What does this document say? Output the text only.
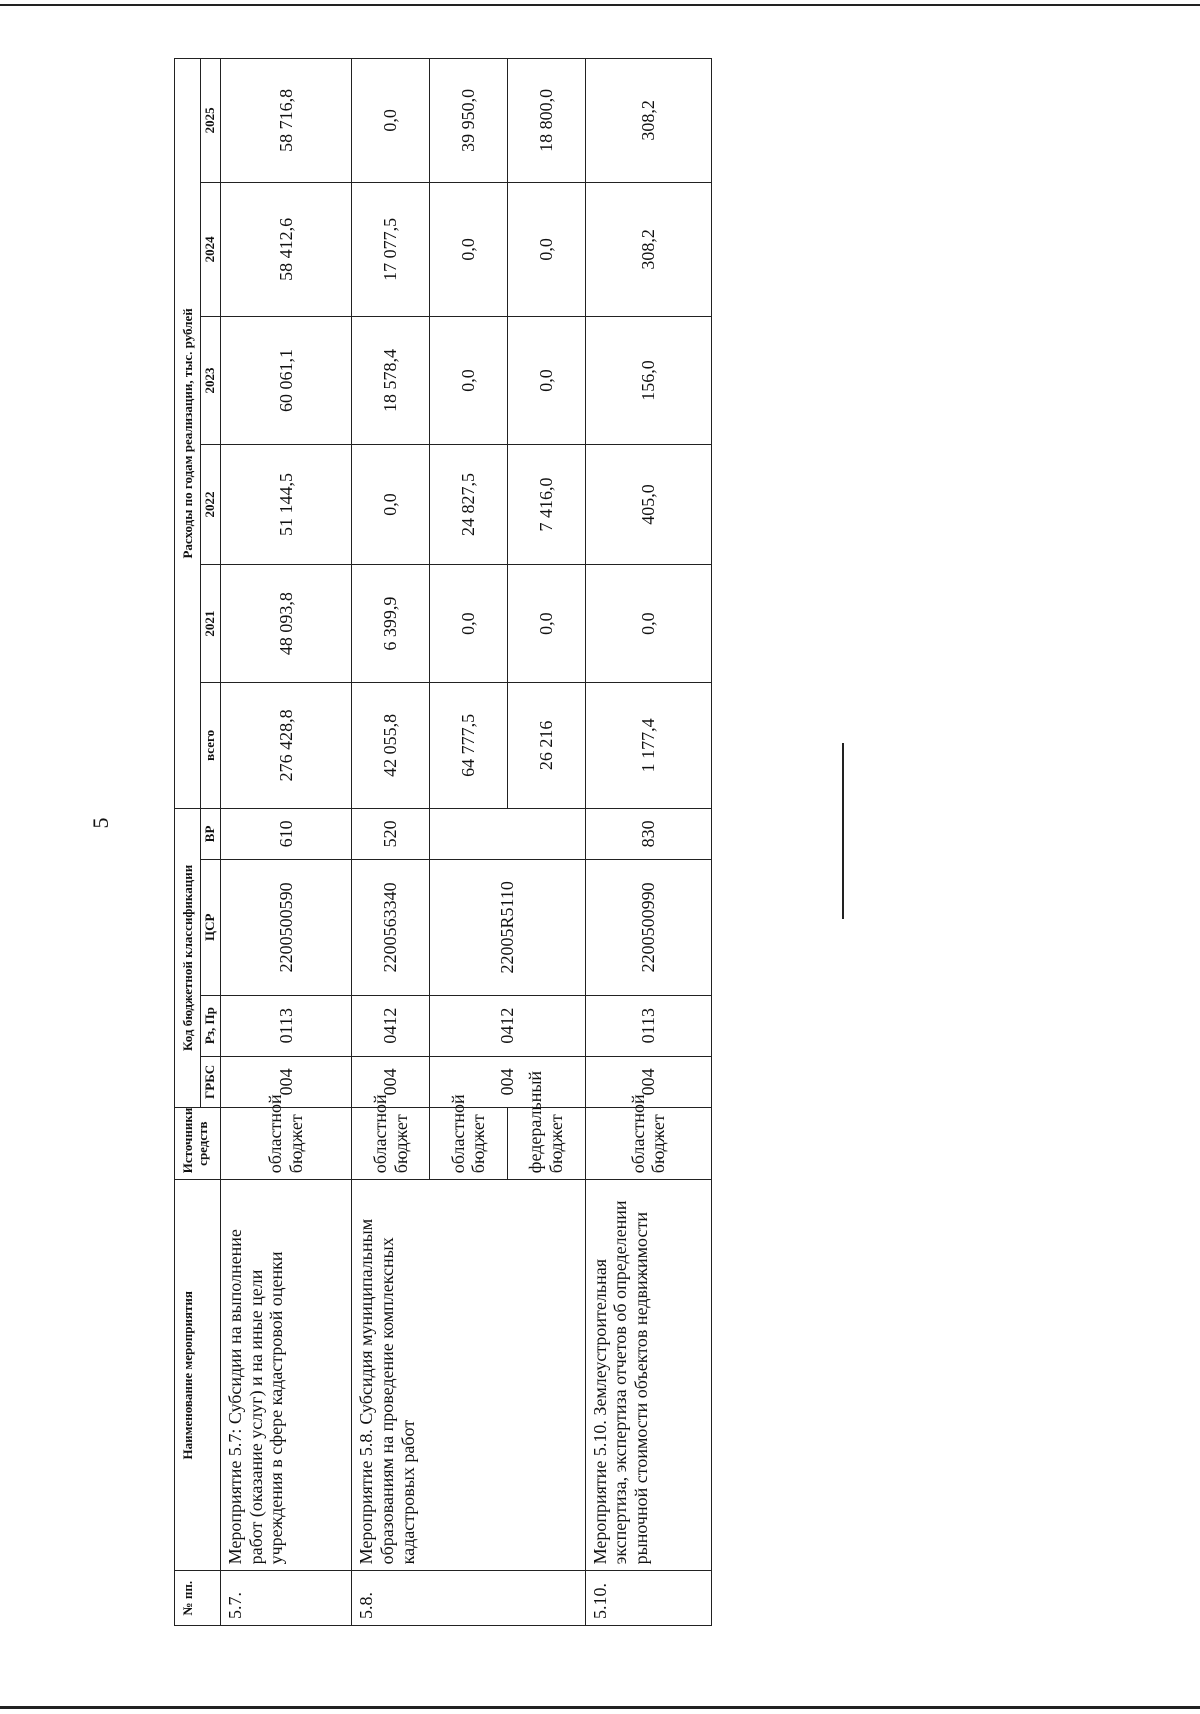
5
№ пп.	Наименование мероприятия	Источники средств	Код бюджетной классификации				Расходы по годам реализации, тыс. рублей					
			ГРБС	Рз, Пр	ЦСР	ВР	всего	2021	2022	2023	2024	2025
5.7.	Мероприятие 5.7: Субсидии на выполнение работ (оказание услуг) и на иные цели учреждения в сфере кадастровой оценки	областной бюджет	004	0113	2200500590	610	276 428,8	48 093,8	51 144,5	60 061,1	58 412,6	58 716,8
5.8.	Мероприятие 5.8. Субсидия муниципальным образованиям на проведение комплексных кадастровых работ	областной бюджет	004	0412	2200563340	520	42 055,8	6 399,9	0,0	18 578,4	17 077,5	0,0
		областной бюджет	004	0412	22005R5110		64 777,5	0,0	24 827,5	0,0	0,0	39 950,0
		федеральный бюджет					26 216	0,0	7 416,0	0,0	0,0	18 800,0
5.10.	Мероприятие 5.10. Землеустроительная экспертиза, экспертиза отчетов об определении рыночной стоимости объектов недвижимости	областной бюджет	004	0113	2200500990	830	1 177,4	0,0	405,0	156,0	308,2	308,2
